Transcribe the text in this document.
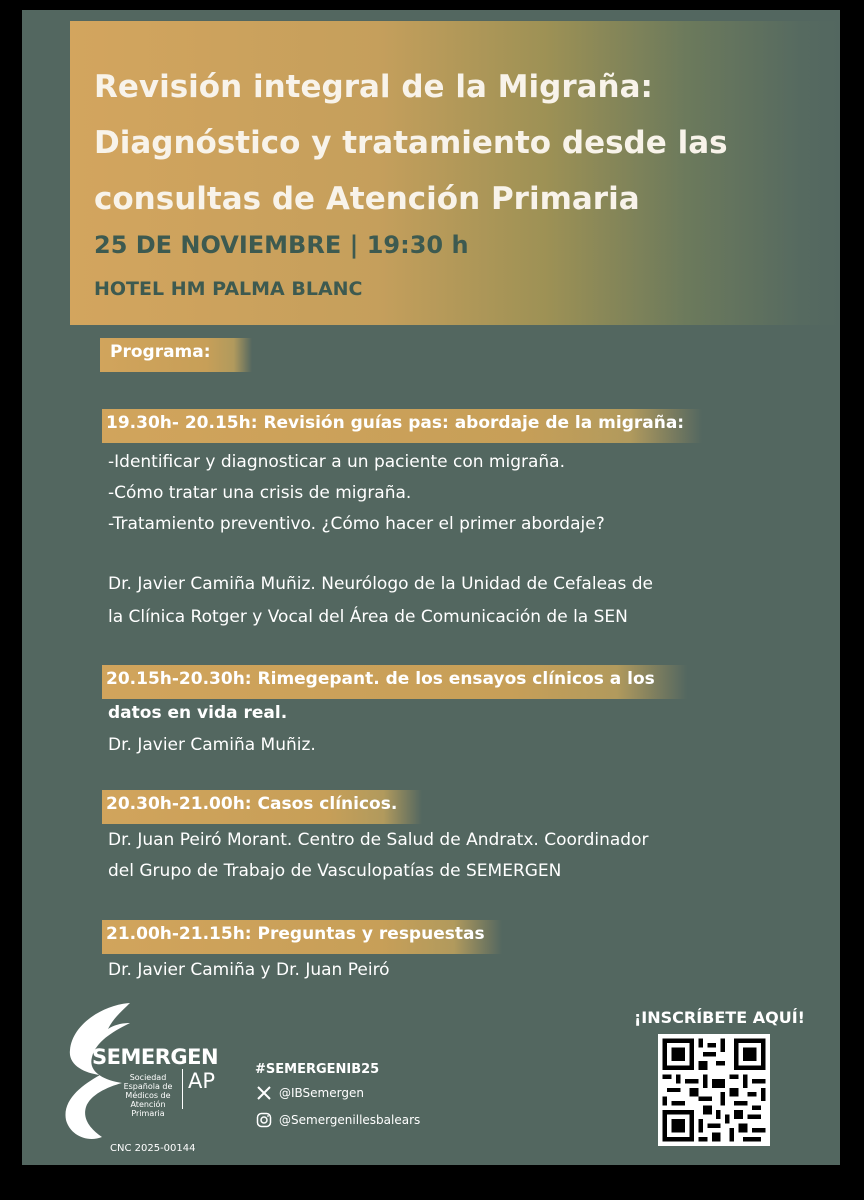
Revisión integral de la Migraña:
Diagnóstico y tratamiento desde las
consultas de Atención Primaria
25 DE NOVIEMBRE | 19:30 h
HOTEL HM PALMA BLANC
Programa:
19.30h- 20.15h: Revisión guías pas: abordaje de la migraña:
-Identificar y diagnosticar a un paciente con migraña.
-Cómo tratar una crisis de migraña.
-Tratamiento preventivo. ¿Cómo hacer el primer abordaje?
Dr. Javier Camiña Muñiz. Neurólogo de la Unidad de Cefaleas de
la Clínica Rotger y Vocal del Área de Comunicación de la SEN
20.15h-20.30h: Rimegepant. de los ensayos clínicos a los
datos en vida real.
Dr. Javier Camiña Muñiz.
20.30h-21.00h: Casos clínicos.
Dr. Juan Peiró Morant. Centro de Salud de Andratx. Coordinador
del Grupo de Trabajo de Vasculopatías de SEMERGEN
21.00h-21.15h: Preguntas y respuestas
Dr. Javier Camiña y Dr. Juan Peiró
SEMERGEN
Sociedad Española de Médicos de Atención Primaria
AP
CNC 2025-00144
#SEMERGENIB25
@IBSemergen
@Semergenillesbalears
¡INSCRÍBETE AQUÍ!
